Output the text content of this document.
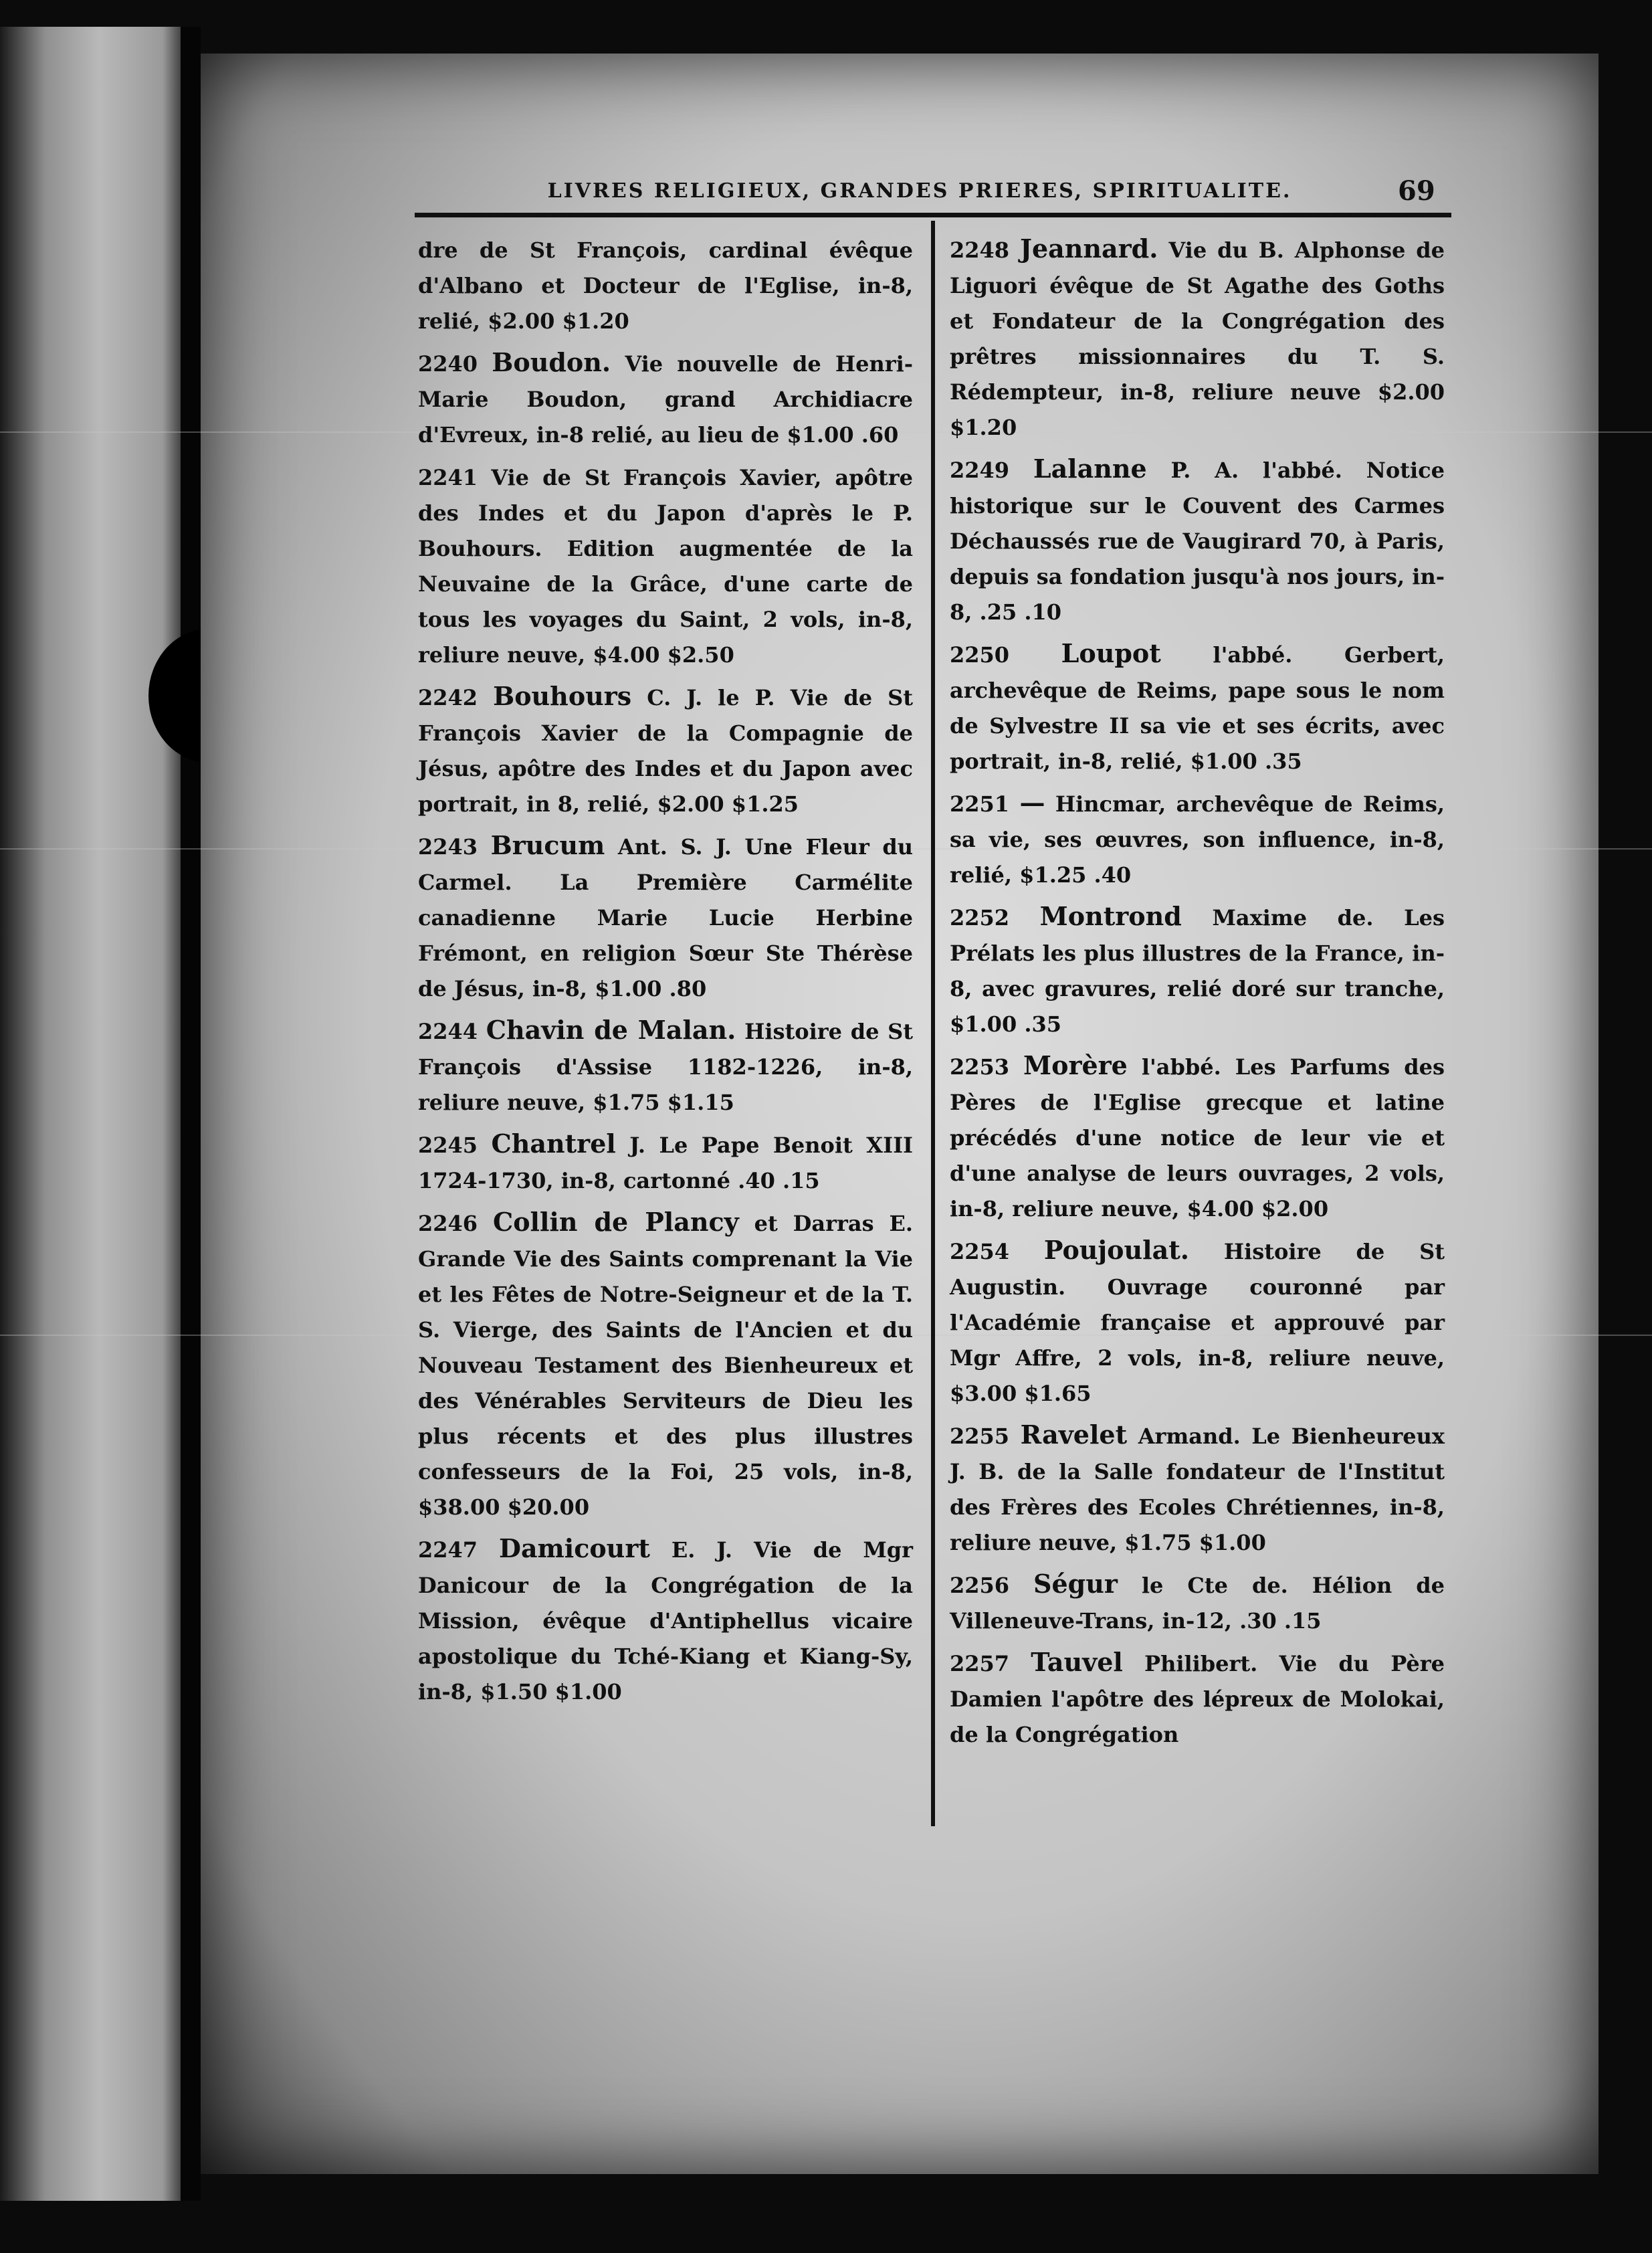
LIVRES RELIGIEUX, GRANDES PRIERES, SPIRITUALITE.	69

dre de St François, cardinal évêque d'Albano et Docteur de l'Eglise, in-8, relié, $2.00 $1.20

2240 Boudon. Vie nouvelle de Henri-Marie Boudon, grand Archidiacre d'Evreux, in-8 relié, au lieu de $1.00 .60

2241 Vie de St François Xavier, apôtre des Indes et du Japon d'après le P. Bouhours. Edition augmentée de la Neuvaine de la Grâce, d'une carte de tous les voyages du Saint, 2 vols, in-8, reliure neuve, $4.00 $2.50

2242 Bouhours C. J. le P. Vie de St François Xavier de la Compagnie de Jésus, apôtre des Indes et du Japon avec portrait, in 8, relié, $2.00 $1.25

2243 Brucum Ant. S. J. Une Fleur du Carmel. La Première Carmélite canadienne Marie Lucie Herbine Frémont, en religion Sœur Ste Thérèse de Jésus, in-8, $1.00 .80

2244 Chavin de Malan. Histoire de St François d'Assise 1182-1226, in-8, reliure neuve, $1.75 $1.15

2245 Chantrel J. Le Pape Benoit XIII 1724-1730, in-8, cartonné .40 .15

2246 Collin de Plancy et Darras E. Grande Vie des Saints comprenant la Vie et les Fêtes de Notre-Seigneur et de la T. S. Vierge, des Saints de l'Ancien et du Nouveau Testament des Bienheureux et des Vénérables Serviteurs de Dieu les plus récents et des plus illustres confesseurs de la Foi, 25 vols, in-8, $38.00 $20.00

2247 Damicourt E. J. Vie de Mgr Danicour de la Congrégation de la Mission, évêque d'Antiphellus vicaire apostolique du Tché-Kiang et Kiang-Sy, in-8, $1.50 $1.00

2248 Jeannard. Vie du B. Alphonse de Liguori évêque de St Agathe des Goths et Fondateur de la Congrégation des prêtres missionnaires du T. S. Rédempteur, in-8, reliure neuve $2.00 $1.20

2249 Lalanne P. A. l'abbé. Notice historique sur le Couvent des Carmes Déchaussés rue de Vaugirard 70, à Paris, depuis sa fondation jusqu'à nos jours, in-8, .25 .10

2250 Loupot l'abbé. Gerbert, archevêque de Reims, pape sous le nom de Sylvestre II sa vie et ses écrits, avec portrait, in-8, relié, $1.00 .35

2251 — Hincmar, archevêque de Reims, sa vie, ses œuvres, son influence, in-8, relié, $1.25 .40

2252 Montrond Maxime de. Les Prélats les plus illustres de la France, in-8, avec gravures, relié doré sur tranche, $1.00 .35

2253 Morère l'abbé. Les Parfums des Pères de l'Eglise grecque et latine précédés d'une notice de leur vie et d'une analyse de leurs ouvrages, 2 vols, in-8, reliure neuve, $4.00 $2.00

2254 Poujoulat. Histoire de St Augustin. Ouvrage couronné par l'Académie française et approuvé par Mgr Affre, 2 vols, in-8, reliure neuve, $3.00 $1.65

2255 Ravelet Armand. Le Bienheureux J. B. de la Salle fondateur de l'Institut des Frères des Ecoles Chrétiennes, in-8, reliure neuve, $1.75 $1.00

2256 Ségur le Cte de. Hélion de Villeneuve-Trans, in-12, .30 .15

2257 Tauvel Philibert. Vie du Père Damien l'apôtre des lépreux de Molokai, de la Congrégation
